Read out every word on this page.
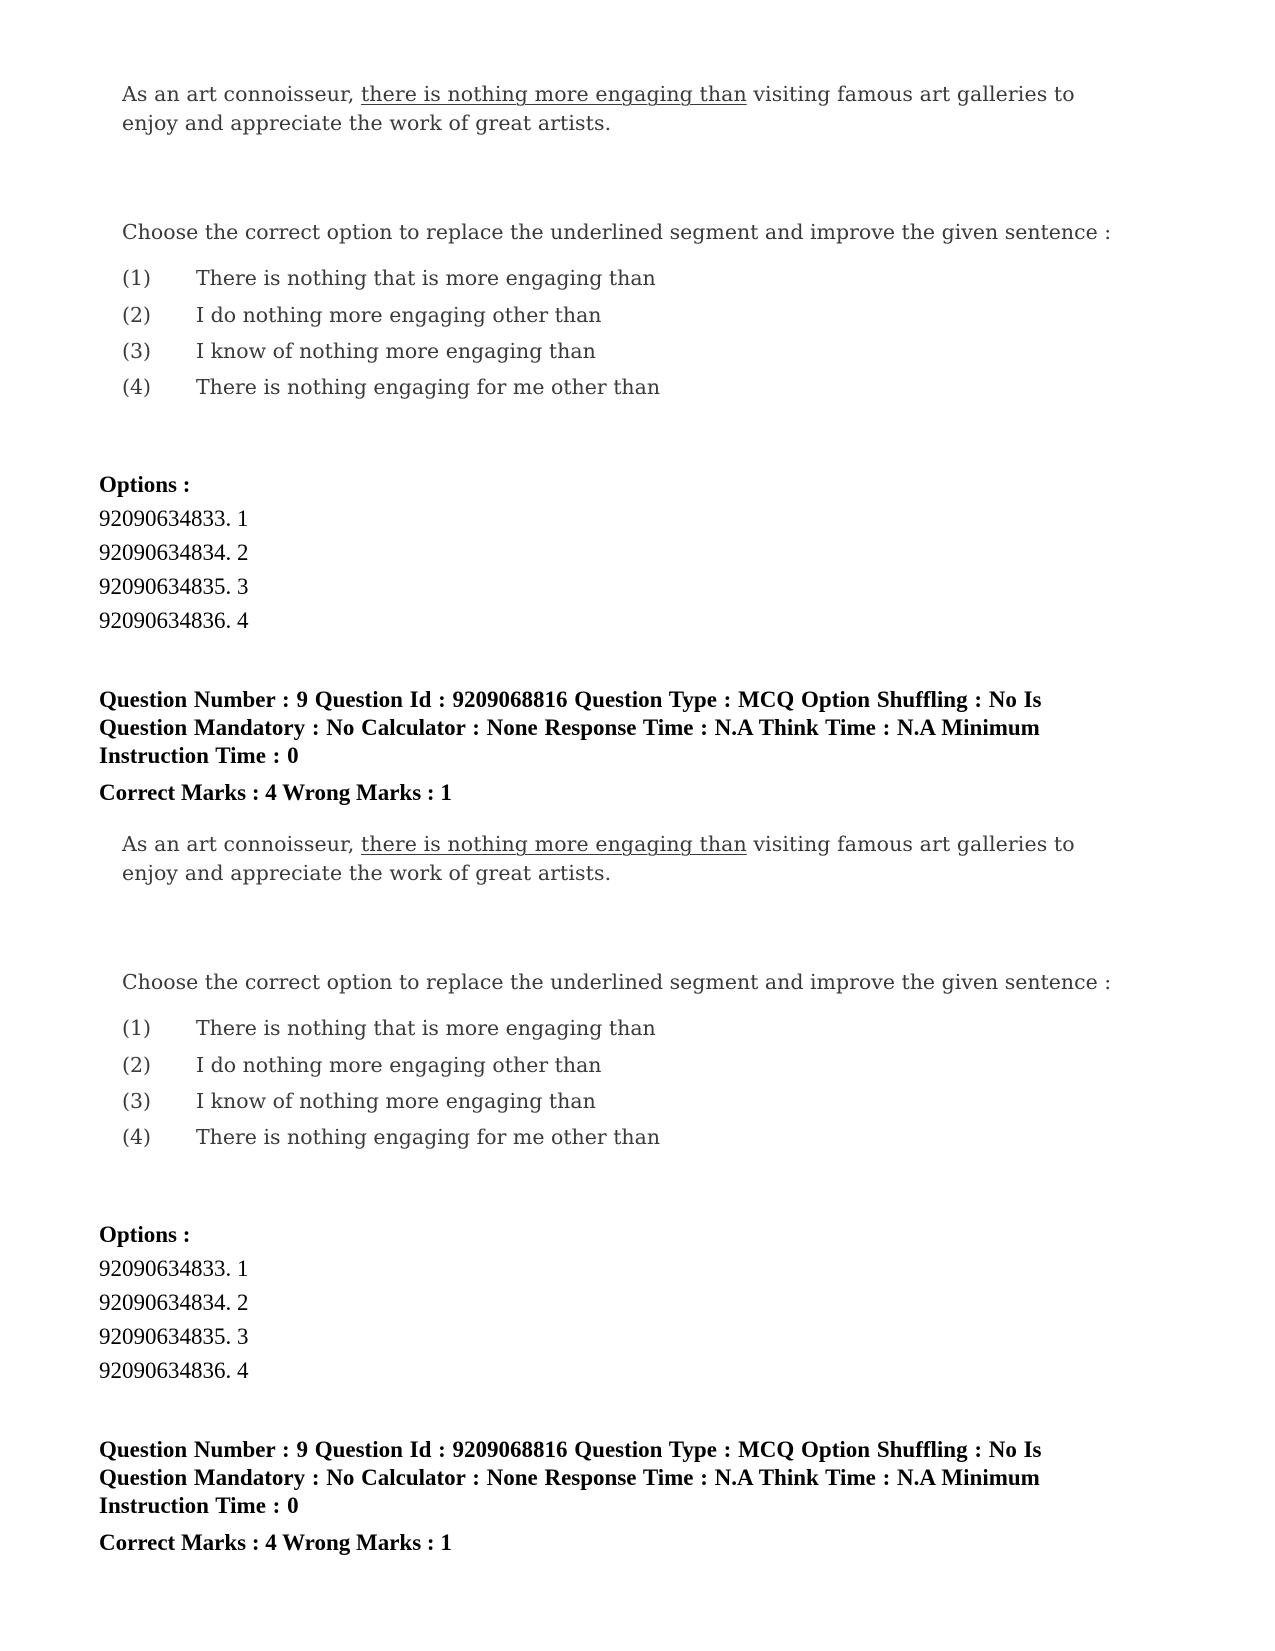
As an art connoisseur, there is nothing more engaging than visiting famous art galleries to enjoy and appreciate the work of great artists.
Choose the correct option to replace the underlined segment and improve the given sentence :
(1) There is nothing that is more engaging than
(2) I do nothing more engaging other than
(3) I know of nothing more engaging than
(4) There is nothing engaging for me other than
Options :
92090634833. 1
92090634834. 2
92090634835. 3
92090634836. 4
Question Number : 9 Question Id : 9209068816 Question Type : MCQ Option Shuffling : No Is Question Mandatory : No Calculator : None Response Time : N.A Think Time : N.A Minimum Instruction Time : 0
Correct Marks : 4 Wrong Marks : 1
As an art connoisseur, there is nothing more engaging than visiting famous art galleries to enjoy and appreciate the work of great artists.
Choose the correct option to replace the underlined segment and improve the given sentence :
(1) There is nothing that is more engaging than
(2) I do nothing more engaging other than
(3) I know of nothing more engaging than
(4) There is nothing engaging for me other than
Options :
92090634833. 1
92090634834. 2
92090634835. 3
92090634836. 4
Question Number : 9 Question Id : 9209068816 Question Type : MCQ Option Shuffling : No Is Question Mandatory : No Calculator : None Response Time : N.A Think Time : N.A Minimum Instruction Time : 0
Correct Marks : 4 Wrong Marks : 1
